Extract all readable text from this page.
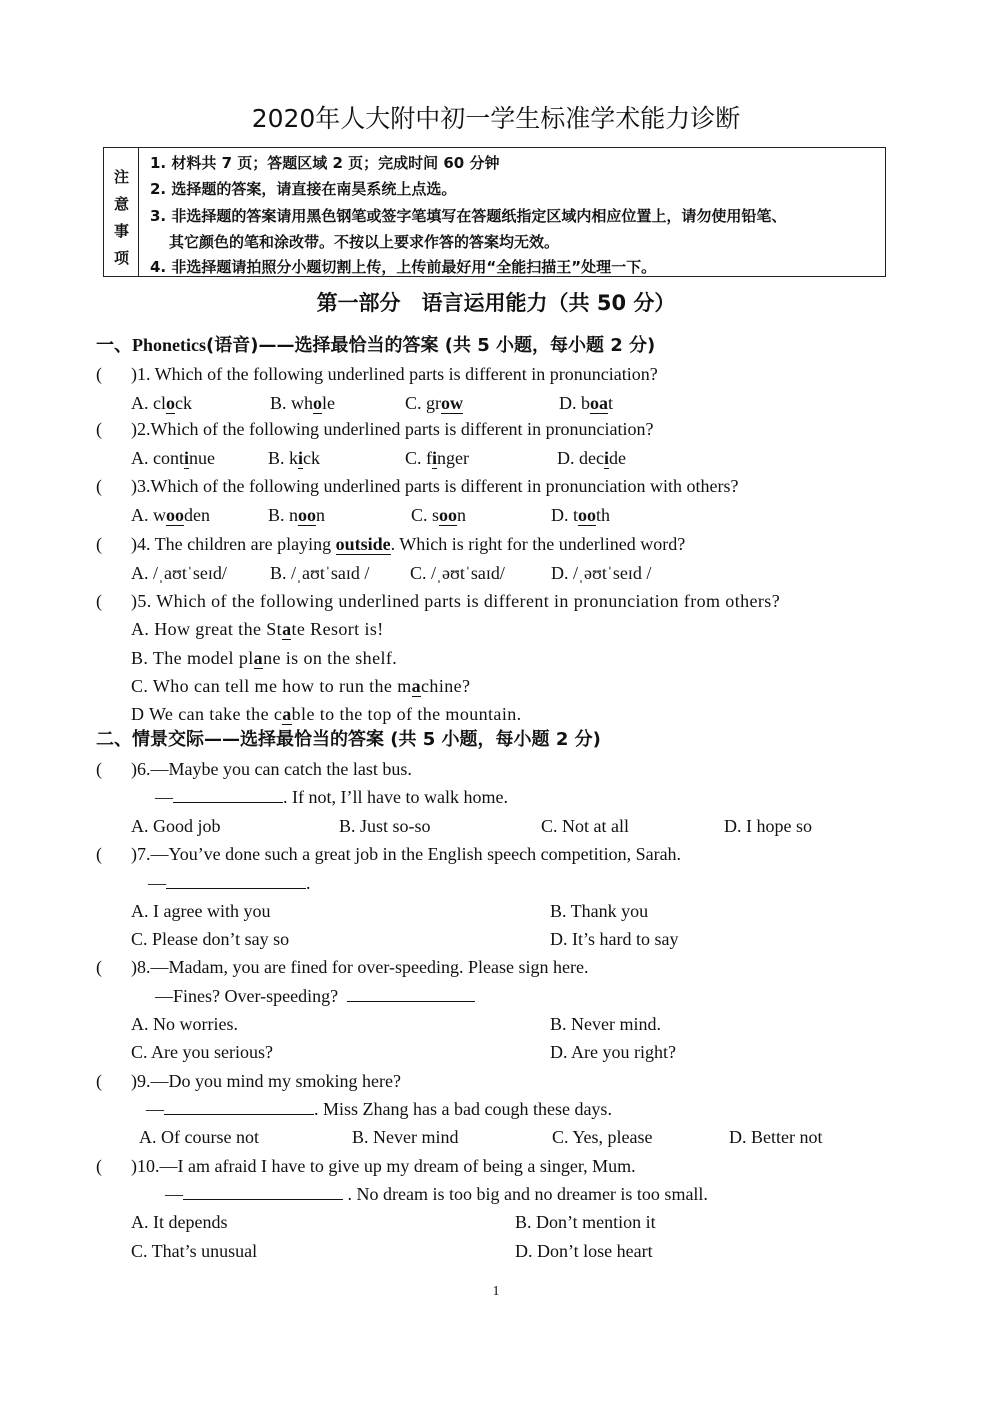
2020年人大附中初一学生标准学术能力诊断
注
意
事
项
1. 材料共 7 页；答题区域 2 页；完成时间 60 分钟
2. 选择题的答案，请直接在南昊系统上点选。
3. 非选择题的答案请用黑色钢笔或签字笔填写在答题纸指定区域内相应位置上，请勿使用铅笔、
其它颜色的笔和涂改带。不按以上要求作答的答案均无效。
4. 非选择题请拍照分小题切割上传，上传前最好用“全能扫描王”处理一下。
第一部分　语言运用能力（共 50 分）
一、Phonetics(语音)——选择最恰当的答案 (共 5 小题，每小题 2 分)
( )1. Which of the following underlined parts is different in pronunciation?
A. clock	B. whole	C. grow	D. boat
( )2.Which of the following underlined parts is different in pronunciation?
A. continue	B. kick	C. finger	D. decide
( )3.Which of the following underlined parts is different in pronunciation with others?
A. wooden	B. noon	C. soon	D. tooth
( )4. The children are playing outside. Which is right for the underlined word?
A. /ˌaʊtˈseɪd/ B. /ˌaʊtˈsaɪd / C. /ˌəʊtˈsaɪd/	D. /ˌəʊtˈseɪd /
( )5. Which of the following underlined parts is different in pronunciation from others?
A. How great the State Resort is!
B. The model plane is on the shelf.
C. Who can tell me how to run the machine?
D We can take the cable to the top of the mountain.
二、情景交际——选择最恰当的答案 (共 5 小题，每小题 2 分)
( )6.—Maybe you can catch the last bus.
—	. If not, I’ll have to walk home.
A. Good job	B. Just so-so	C. Not at all	D. I hope so
( )7.—You’ve done such a great job in the English speech competition, Sarah.
—	.
A. I agree with you	B. Thank you
C. Please don’t say so	D. It’s hard to say
( )8.—Madam, you are fined for over-speeding. Please sign here.
—Fines? Over-speeding?
A. No worries.	B. Never mind.
C. Are you serious?	D. Are you right?
( )9.—Do you mind my smoking here?
—	. Miss Zhang has a bad cough these days.
A. Of course not	B. Never mind	C. Yes, please	D. Better not
( )10.—I am afraid I have to give up my dream of being a singer, Mum.
—	. No dream is too big and no dreamer is too small.
A. It depends	B. Don’t mention it
C. That’s unusual	D. Don’t lose heart
1
